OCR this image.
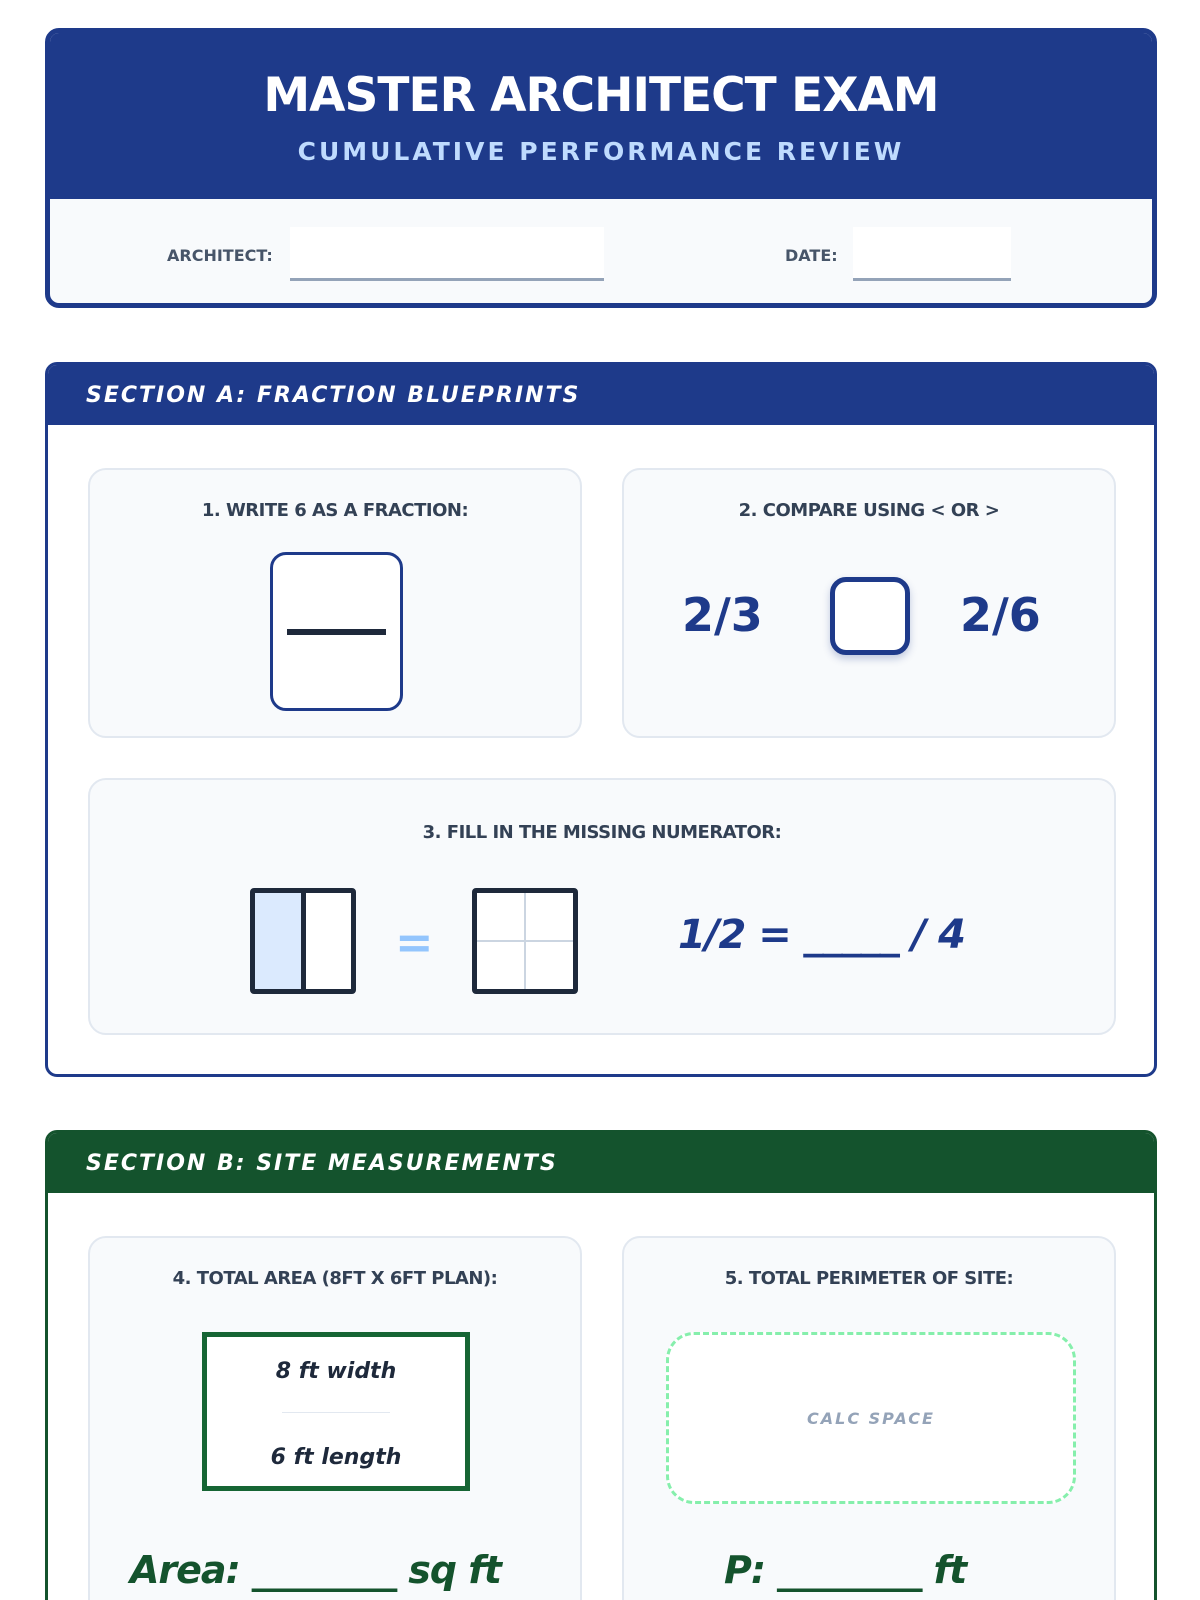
MASTER ARCHITECT EXAM
CUMULATIVE PERFORMANCE REVIEW
ARCHITECT:	DATE:
SECTION A: FRACTION BLUEPRINTS
1. WRITE 6 AS A FRACTION:	2. COMPARE USING < OR >
2/3	2/6
3. FILL IN THE MISSING NUMERATOR:
=	1/2 = _____ / 4
SECTION B: SITE MEASUREMENTS
4. TOTAL AREA (8FT X 6FT PLAN):
8 ft width
6 ft length
Area: ________ sq ft
5. TOTAL PERIMETER OF SITE:
CALC SPACE
P: ________ ft
